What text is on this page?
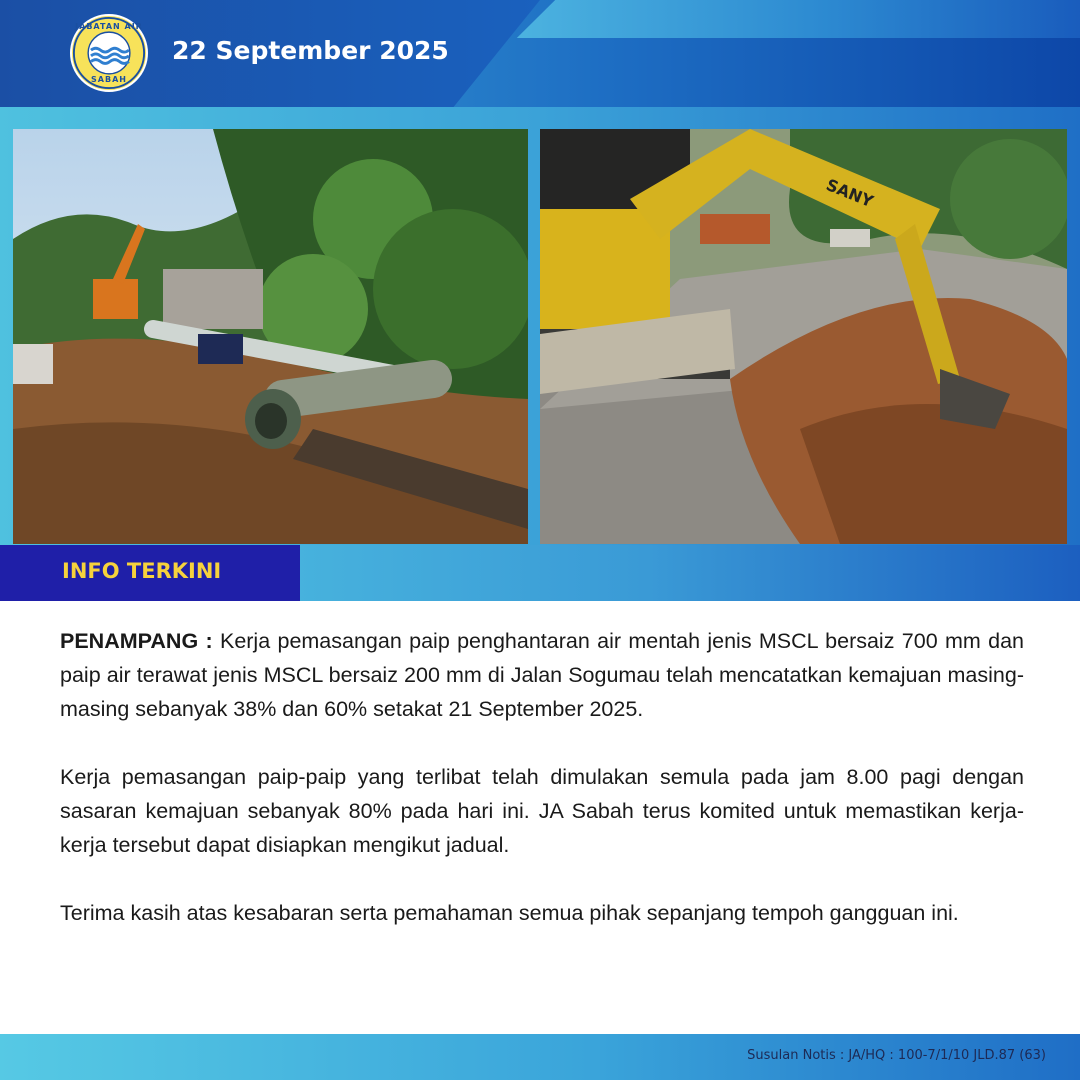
JABATAN AIR
SABAH
22 September 2025
SANY
INFO TERKINI

PENAMPANG : Kerja pemasangan paip penghantaran air mentah jenis MSCL bersaiz 700 mm dan paip air terawat jenis MSCL bersaiz 200 mm di Jalan Sogumau telah mencatatkan kemajuan masing-masing sebanyak 38% dan 60% setakat 21 September 2025.

Kerja pemasangan paip-paip yang terlibat telah dimulakan semula pada jam 8.00 pagi dengan sasaran kemajuan sebanyak 80% pada hari ini. JA Sabah terus komited untuk memastikan kerja-kerja tersebut dapat disiapkan mengikut jadual.

Terima kasih atas kesabaran serta pemahaman semua pihak sepanjang tempoh gangguan ini.

Susulan Notis : JA/HQ : 100-7/1/10 JLD.87 (63)
